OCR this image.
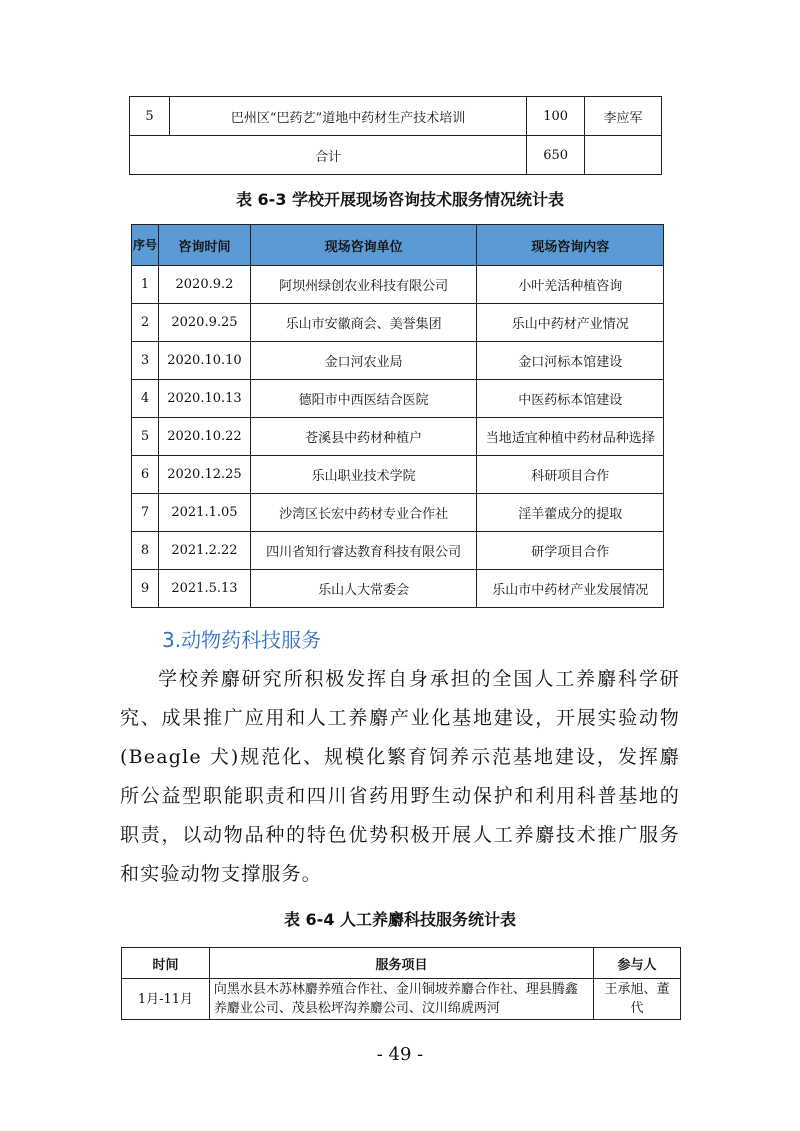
5	巴州区“巴药艺”道地中药材生产技术培训	100	李应军
合计		650	
表 6-3 学校开展现场咨询技术服务情况统计表
序号	咨询时间	现场咨询单位	现场咨询内容
1	2020.9.2	阿坝州绿创农业科技有限公司	小叶羌活种植咨询
2	2020.9.25	乐山市安徽商会、美誉集团	乐山中药材产业情况
3	2020.10.10	金口河农业局	金口河标本馆建设
4	2020.10.13	德阳市中西医结合医院	中医药标本馆建设
5	2020.10.22	苍溪县中药材种植户	当地适宜种植中药材品种选择
6	2020.12.25	乐山职业技术学院	科研项目合作
7	2021.1.05	沙湾区长宏中药材专业合作社	淫羊藿成分的提取
8	2021.2.22	四川省知行睿达教育科技有限公司	研学项目合作
9	2021.5.13	乐山人大常委会	乐山市中药材产业发展情况
3.动物药科技服务

学校养麝研究所积极发挥自身承担的全国人工养麝科学研究、成果推广应用和人工养麝产业化基地建设，开展实验动物(Beagle 犬)规范化、规模化繁育饲养示范基地建设，发挥麝所公益型职能职责和四川省药用野生动保护和利用科普基地的职责，以动物品种的特色优势积极开展人工养麝技术推广服务和实验动物支撑服务。

表 6-4 人工养麝科技服务统计表
时间	服务项目	参与人
1月-11月	向黑水县木苏林麝养殖合作社、金川铜坡养麝合作社、理县腾鑫养麝业公司、茂县松坪沟养麝公司、汶川绵虒两河	王承旭、董代
- 49 -
